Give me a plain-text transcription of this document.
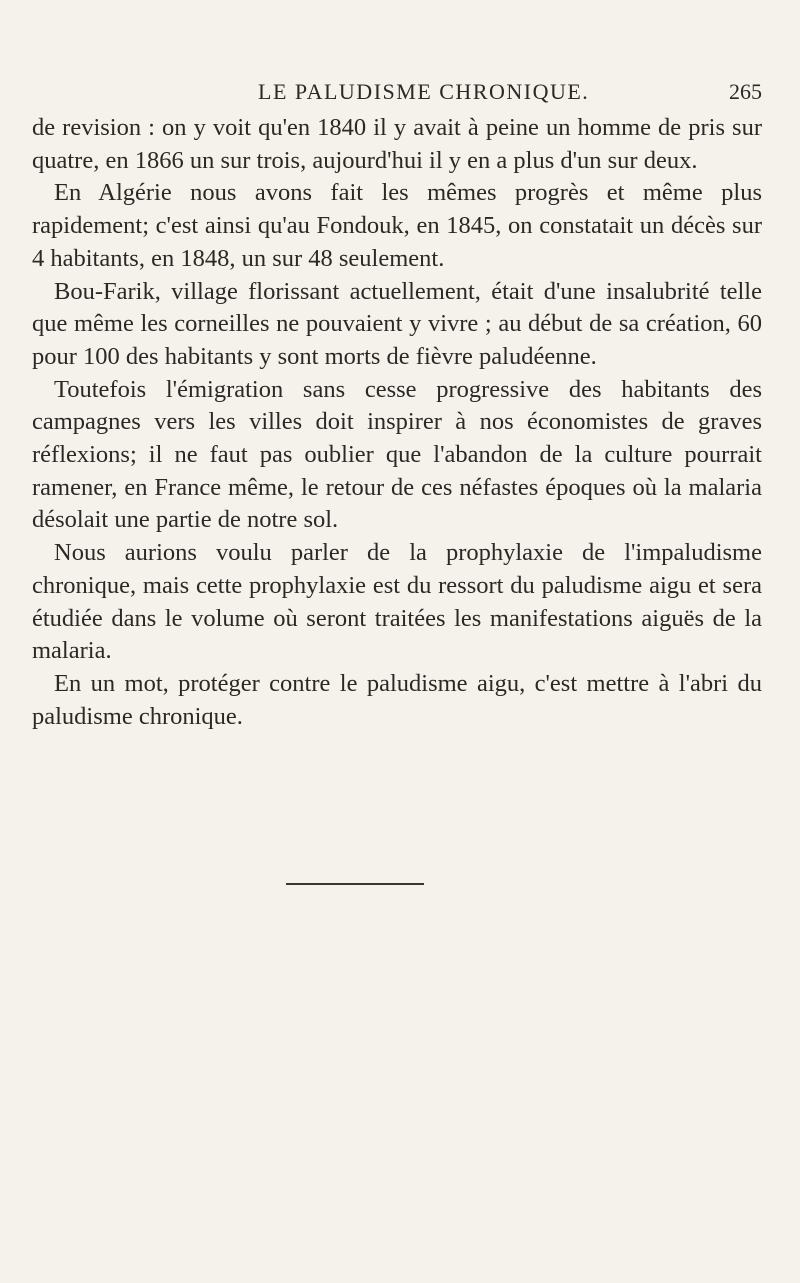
LE PALUDISME CHRONIQUE.	265

de revision : on y voit qu'en 1840 il y avait à peine un homme de pris sur quatre, en 1866 un sur trois, aujourd'hui il y en a plus d'un sur deux.

En Algérie nous avons fait les mêmes progrès et même plus rapidement; c'est ainsi qu'au Fondouk, en 1845, on constatait un décès sur 4 habitants, en 1848, un sur 48 seulement.

Bou-Farik, village florissant actuellement, était d'une insalubrité telle que même les corneilles ne pouvaient y vivre ; au début de sa création, 60 pour 100 des habitants y sont morts de fièvre paludéenne.

Toutefois l'émigration sans cesse progressive des habitants des campagnes vers les villes doit inspirer à nos économistes de graves réflexions; il ne faut pas oublier que l'abandon de la culture pourrait ramener, en France même, le retour de ces néfastes époques où la malaria désolait une partie de notre sol.

Nous aurions voulu parler de la prophylaxie de l'impaludisme chronique, mais cette prophylaxie est du ressort du paludisme aigu et sera étudiée dans le volume où seront traitées les manifestations aiguës de la malaria.

En un mot, protéger contre le paludisme aigu, c'est mettre à l'abri du paludisme chronique.
